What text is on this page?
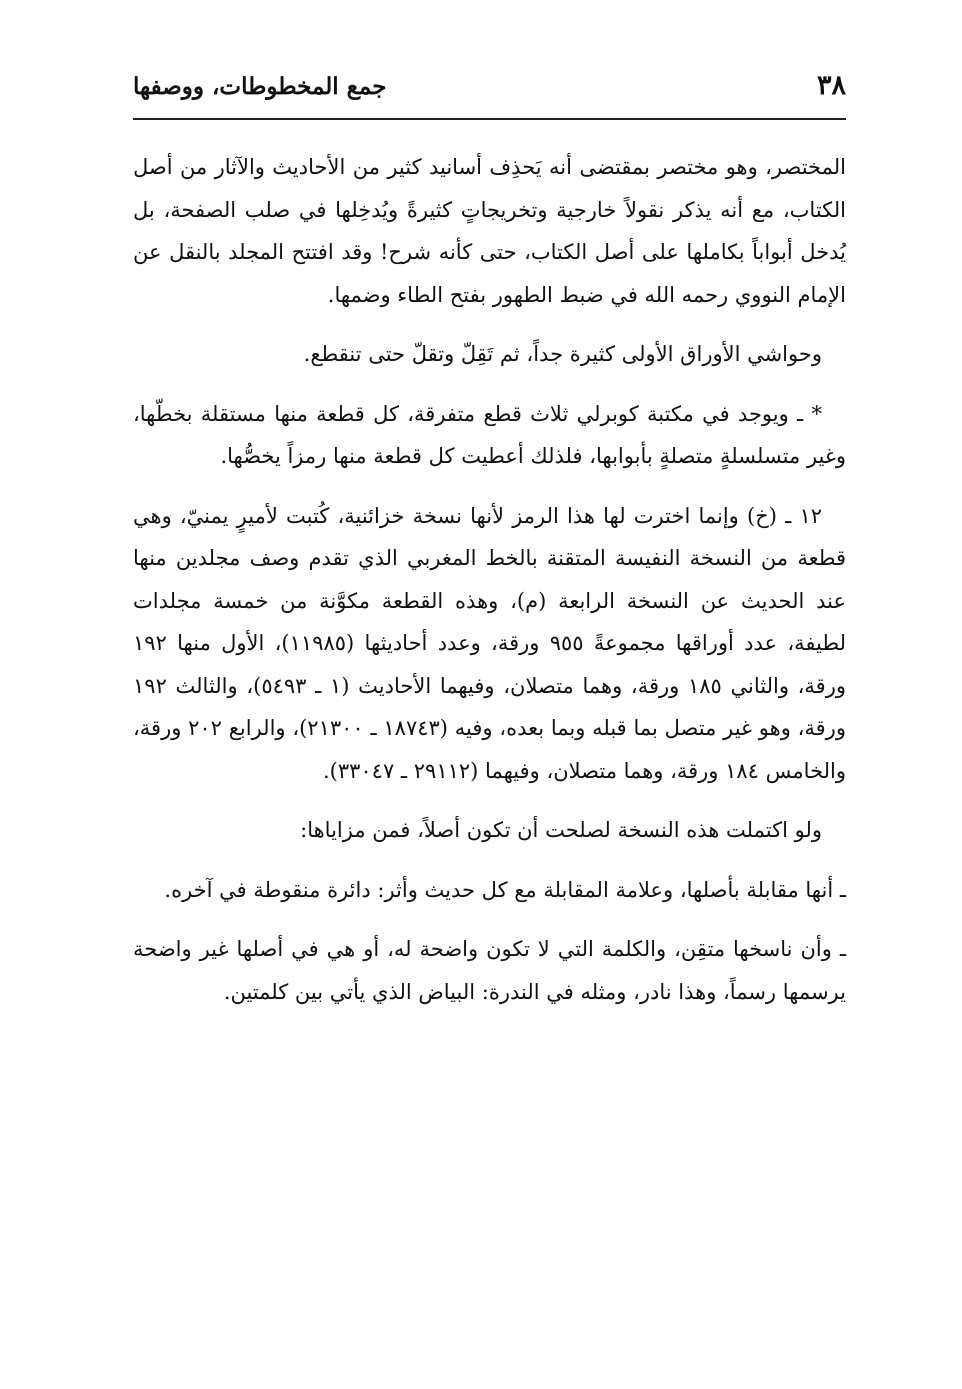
٣٨
جمع المخطوطات، ووصفها

المختصر، وهو مختصر بمقتضى أنه يَحذِف أسانيد كثير من الأحاديث والآثار من أصل الكتاب، مع أنه يذكر نقولاً خارجية وتخريجاتٍ كثيرةً ويُدخِلها في صلب الصفحة، بل يُدخل أبواباً بكاملها على أصل الكتاب، حتى كأنه شرح! وقد افتتح المجلد بالنقل عن الإمام النووي رحمه الله في ضبط الطهور بفتح الطاء وضمها.

وحواشي الأوراق الأولى كثيرة جداً، ثم تَقِلّ وتقلّ حتى تنقطع.

* ـ ويوجد في مكتبة كوبرلي ثلاث قطع متفرقة، كل قطعة منها مستقلة بخطّها، وغير متسلسلةٍ متصلةٍ بأبوابها، فلذلك أعطيت كل قطعة منها رمزاً يخصُّها.

١٢ ـ (خ) وإنما اخترت لها هذا الرمز لأنها نسخة خزائنية، كُتبت لأميرٍ يمنيّ، وهي قطعة من النسخة النفيسة المتقنة بالخط المغربي الذي تقدم وصف مجلدين منها عند الحديث عن النسخة الرابعة (م)، وهذه القطعة مكوَّنة من خمسة مجلدات لطيفة، عدد أوراقها مجموعةً ٩٥٥ ورقة، وعدد أحاديثها (١١٩٨٥)، الأول منها ١٩٢ ورقة، والثاني ١٨٥ ورقة، وهما متصلان، وفيهما الأحاديث (١ ـ ٥٤٩٣)، والثالث ١٩٢ ورقة، وهو غير متصل بما قبله وبما بعده، وفيه (١٨٧٤٣ ـ ٢١٣٠٠)، والرابع ٢٠٢ ورقة، والخامس ١٨٤ ورقة، وهما متصلان، وفيهما (٢٩١١٢ ـ ٣٣٠٤٧).

ولو اكتملت هذه النسخة لصلحت أن تكون أصلاً، فمن مزاياها:

ـ أنها مقابلة بأصلها، وعلامة المقابلة مع كل حديث وأثر: دائرة منقوطة في آخره.

ـ وأن ناسخها متقِن، والكلمة التي لا تكون واضحة له، أو هي في أصلها غير واضحة يرسمها رسماً، وهذا نادر، ومثله في الندرة: البياض الذي يأتي بين كلمتين.
